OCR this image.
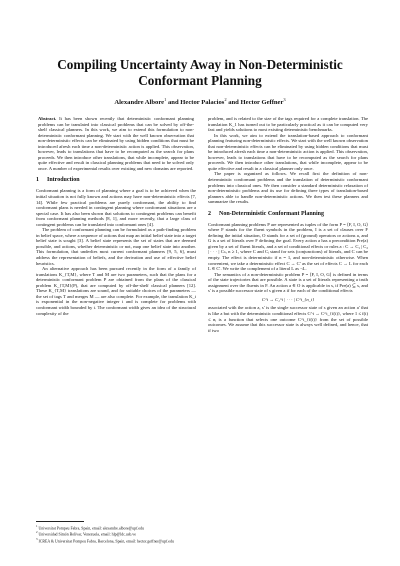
Compiling Uncertainty Away in Non-Deterministic Conformant Planning
Alexandre Albore$^1$ and Hector Palacios$^2$ and Hector Geffner$^3$

Abstract. It has been shown recently that deterministic conformant planning problems can be translated into classical problems that can be solved by off-the-shelf classical planners. In this work, we aim to extend this formulation to non-deterministic conformant planning. We start with the well known observation that non-deterministic effects can be eliminated by using hidden conditions that must be introduced afresh each time a non-deterministic action is applied. This observation, however, leads to translations that have to be recomputed as the search for plans proceeds. We then introduce other translations, that while incomplete, appear to be quite effective and result in classical planning problems that need to be solved only once. A number of experimental results over existing and new domains are reported.

1 Introduction

Conformant planning is a form of planning where a goal is to be achieved when the initial situation is not fully known and actions may have non-deterministic effects [7, 14]. While few practical problems are purely conformant, the ability to find conformant plans is needed in contingent planning where conformant situations are a special case. It has also been shown that solutions to contingent problems can benefit from conformant planning methods [8, 1], and more recently, that a large class of contingent problems can be translated into conformant ones [4].

The problem of conformant planning can be formulated as a path-finding problem in belief space, where a sequence of actions that map an initial belief state into a target belief state is sought [3]. A belief state represents the set of states that are deemed possible, and actions, whether deterministic or not, map one belief state into another. This formulation, that underlies most current conformant planners [9, 5, 6], must address the representation of beliefs, and the derivation and use of effective belief heuristics.

An alternative approach has been pursued recently in the form of a family of translations K_{T,M}, where T and M are two parameters, such that the plans for a deterministic conformant problem P are obtained from the plans of the classical problem K_{T,M}(P), that are computed by off-the-shelf classical planners [12]. These K_{T,M} translations are sound, and for suitable choices of the parameters — the set of tags T and merges M — are also complete. For example, the translation K_i is exponential in the non-negative integer i and is complete for problems with conformant width bounded by i. The conformant width gives an idea of the structural complexity of the

problem, and is related to the size of the tags required for a complete translation. The translation K_1 has turned out to be particularly practical as it can be computed very fast and yields solutions to most existing deterministic benchmarks.

In this work, we aim to extend the translation-based approach to conformant planning featuring non-deterministic effects. We start with the well known observation that non-deterministic effects can be eliminated by using hidden conditions that must be introduced afresh each time a non-deterministic action is applied. This observation, however, leads to translations that have to be recomputed as the search for plans proceeds. We then introduce other translations, that while incomplete, appear to be quite effective and result in a classical planner only once.

The paper is organized as follows. We recall first the definition of non-deterministic conformant problems and the translation of deterministic conformant problems into classical ones. We then consider a standard deterministic relaxation of non-deterministic problems and its use for defining three types of translation-based planners able to handle non-deterministic actions. We then test these planners and summarize the results.

2 Non-Deterministic Conformant Planning

Conformant planning problems P are represented as tuples of the form P = ⟨F, I, O, G⟩ where F stands for the fluent symbols in the problem, I is a set of clauses over F defining the initial situation, O stands for a set of (ground) operators or actions a, and G is a set of literals over F defining the goal. Every action a has a precondition Pre(a) given by a set of fluent literals, and a set of conditional effects or rules a : C → C₁ | C₂ | · · · | Cₙ, n ≥ 1, where C and Cᵢ stand for sets (conjunctions) of literals, and C can be empty. The effect is deterministic if n = 1, and non-deterministic otherwise. When convenient, we take a deterministic effect C → C′ as the set of effects C → L for each L ∈ C′. We write the complement of a literal L as ¬L.

The semantics of a non-deterministic problem P = ⟨F, I, O, G⟩ is defined in terms of the state trajectories that are possible. A state is a set of literals representing a truth assignment over the fluents in F. An action a ∈ O is applicable in s, if Pre(a) ⊆ s, and s′ is a possible successor state of s given a if for each of the conditional effects

C^i → C₁^i | · · · | C^i_{n_i}

associated with the action a, s′ is the single successor state of s given an action a′ that is like a but with the deterministic conditional effects C^i → C^i_{f(i)}, where 1 ≤ f(i) ≤ nᵢ is a function that selects one outcome C^i_{f(i)} from the set of possible outcomes. We assume that this successor state is always well defined, and hence, that if two

$^1$ Universitat Pompeu Fabra, Spain, email: alexandre.albore@upf.edu
$^2$ Universidad Simón Bolívar, Venezuela, email: hlp@ldc.usb.ve
$^3$ ICREA & Universitat Pompeu Fabra, Barcelona, Spain, email: hector.geffner@upf.edu
